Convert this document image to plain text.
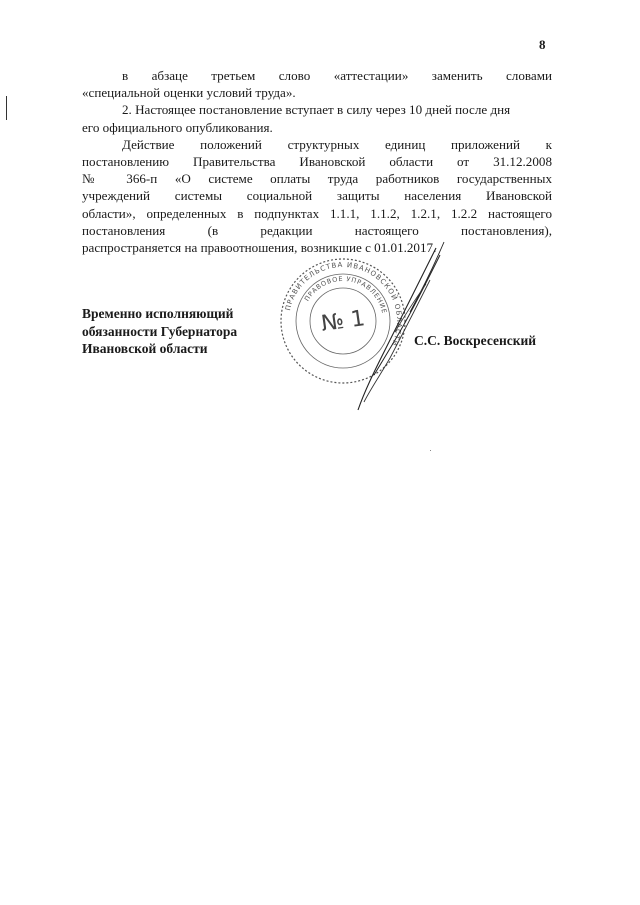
8

в абзаце третьем слово «аттестации» заменить словами

«специальной оценки условий труда».

2. Настоящее постановление вступает в силу через 10 дней после дня

его официального опубликования.

Действие положений структурных единиц приложений к

постановлению Правительства Ивановской области от 31.12.2008

№ 366-п «О системе оплаты труда работников государственных

учреждений системы социальной защиты населения Ивановской

области», определенных в подпунктах 1.1.1, 1.1.2, 1.2.1, 1.2.2 настоящего

постановления (в редакции настоящего постановления),

распространяется на правоотношения, возникшие с 01.01.2017.

Временно исполняющий
обязанности Губернатора
Ивановской области
ПРАВИТЕЛЬСТВА ИВАНОВСКОЙ ОБЛАСТИ
ПРАВОВОЕ УПРАВЛЕНИЕ
№ 1
С.С. Воскресенский
